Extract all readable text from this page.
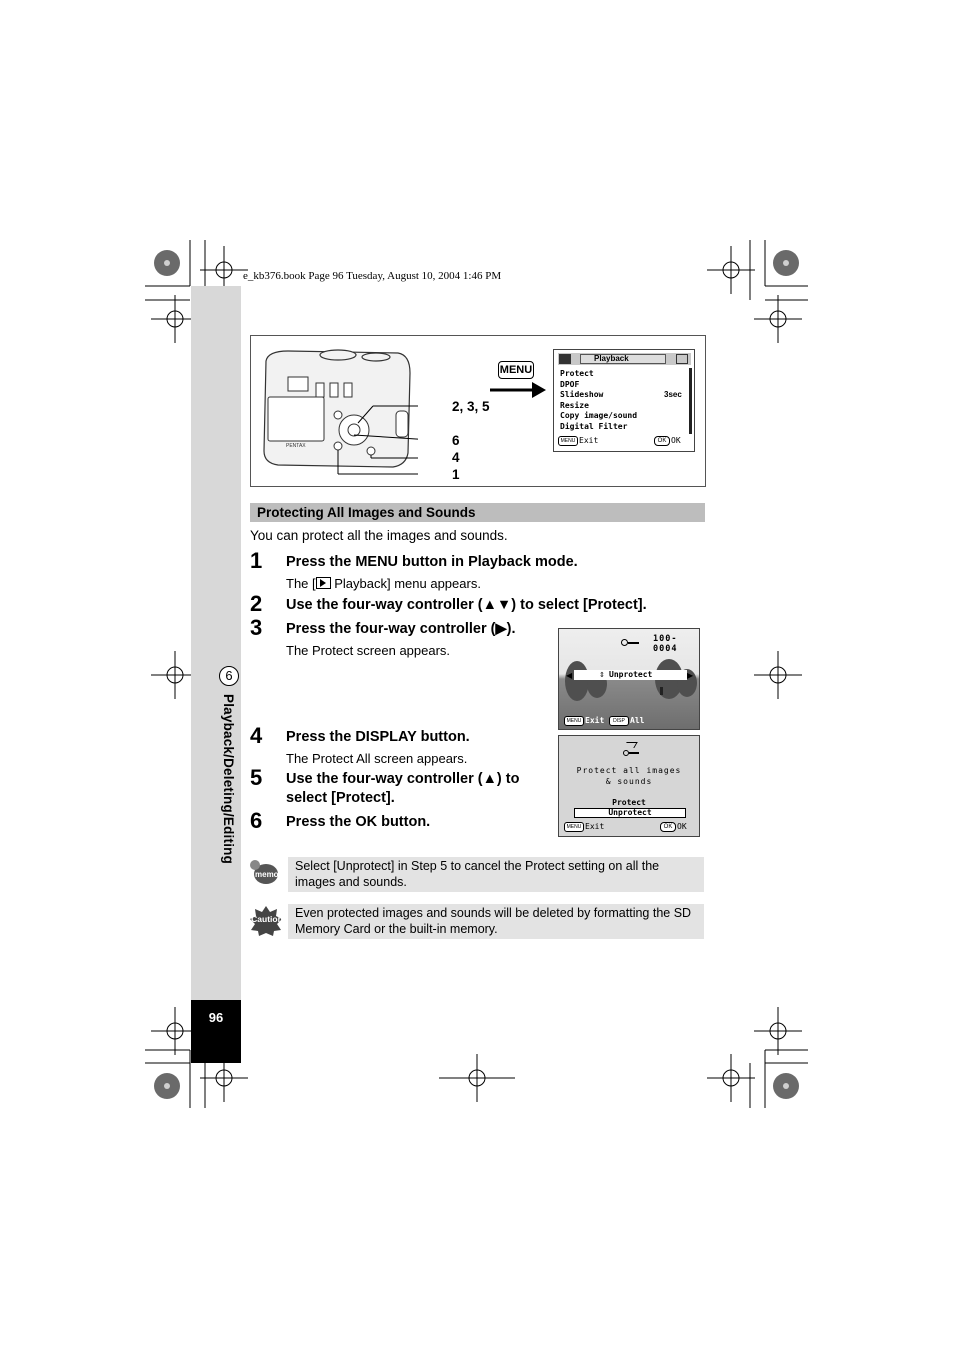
e_kb376.book Page 96 Tuesday, August 10, 2004 1:46 PM
96
6
Playback/Deleting/Editing
PENTAX
2, 3, 5
6
4
1
MENU
Playback
Protect
DPOF
Slideshow
Resize
Copy image/sound
Digital Filter
3sec
MENU Exit	OK OK
Protecting All Images and Sounds
You can protect all the images and sounds.
1 Press the MENU button in Playback mode.
The [
Playback] menu appears.
2 Use the four-way controller (▲▼) to select [Protect].
3 Press the four-way controller (▶).
The Protect screen appears.
4 Press the DISPLAY button.
The Protect All screen appears.
5 Use the four-way controller (▲) to
select [Protect].
6 Press the OK button.
100-0004
◀	▶
⇕ Unprotect
MENU Exit	DISP All
Protect all images
& sounds
Protect
Unprotect
MENU Exit	OK OK
memo
Select [Unprotect] in Step 5 to cancel the Protect setting on all the
images and sounds.
Caution Even protected images and sounds will be deleted by formatting the SD
Memory Card or the built-in memory.
